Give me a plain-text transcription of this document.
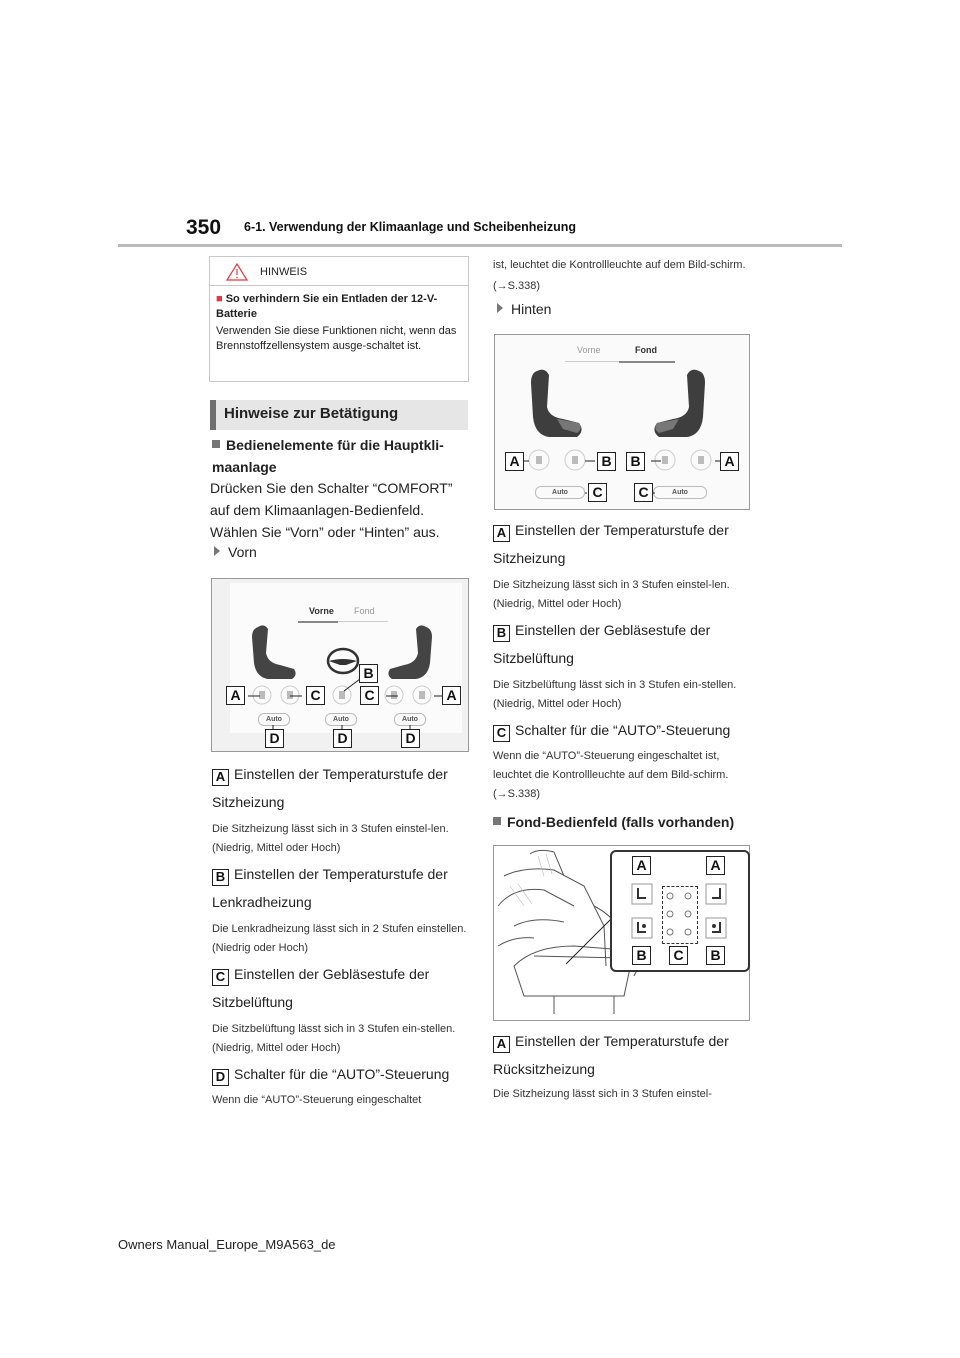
350 6-1. Verwendung der Klimaanlage und Scheibenheizung
HINWEIS
■ So verhindern Sie ein Entladen der 12-V-Batterie
Verwenden Sie diese Funktionen nicht, wenn das Brennstoffzellensystem ausge-schaltet ist.
Hinweise zur Betätigung
Bedienelemente für die Hauptkli-maanlage
Drücken Sie den Schalter “COMFORT” auf dem Klimaanlagen-Bedienfeld. Wählen Sie “Vorn” oder “Hinten” aus.
Vorn
Vorne Fond
Auto	Auto	Auto
A	C
B
C	A
D	D	D
A Einstellen der Temperaturstufe der Sitzheizung
Die Sitzheizung lässt sich in 3 Stufen einstel-len. (Niedrig, Mittel oder Hoch)
B Einstellen der Temperaturstufe der Lenkradheizung
Die Lenkradheizung lässt sich in 2 Stufen einstellen. (Niedrig oder Hoch)
C Einstellen der Gebläsestufe der Sitzbelüftung
Die Sitzbelüftung lässt sich in 3 Stufen ein-stellen. (Niedrig, Mittel oder Hoch)
D Schalter für die “AUTO”-Steuerung
Wenn die “AUTO”-Steuerung eingeschaltet
ist, leuchtet die Kontrollleuchte auf dem Bild-schirm. (→S.338)
Hinten
Vorne	Fond
Auto	Auto
A	B	B	A
C	C
A Einstellen der Temperaturstufe der Sitzheizung
Die Sitzheizung lässt sich in 3 Stufen einstel-len. (Niedrig, Mittel oder Hoch)
B Einstellen der Gebläsestufe der Sitzbelüftung
Die Sitzbelüftung lässt sich in 3 Stufen ein-stellen. (Niedrig, Mittel oder Hoch)
C Schalter für die “AUTO”-Steuerung
Wenn die “AUTO”-Steuerung eingeschaltet ist, leuchtet die Kontrollleuchte auf dem Bild-schirm. (→S.338)
Fond-Bedienfeld (falls vorhanden)
A	A
B	C	B
A Einstellen der Temperaturstufe der Rücksitzheizung
Die Sitzheizung lässt sich in 3 Stufen einstel-
Owners Manual_Europe_M9A563_de
